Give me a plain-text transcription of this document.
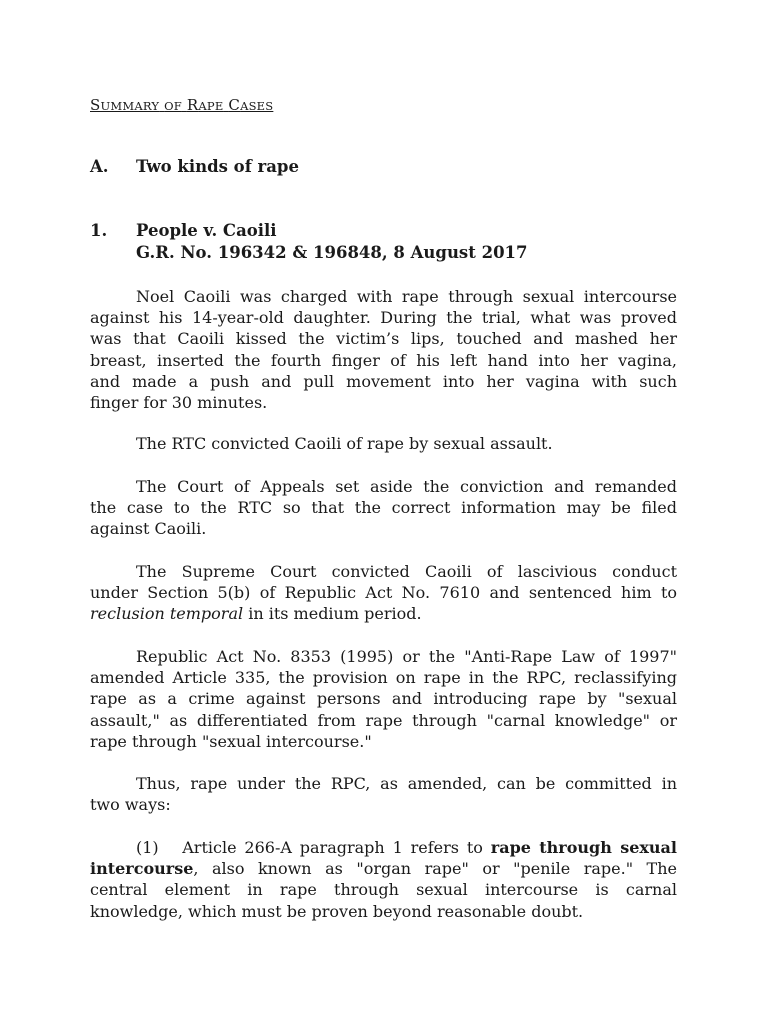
SUMMARY OF RAPE CASES
A. Two kinds of rape
1. People v. Caoili
G.R. No. 196342 & 196848, 8 August 2017
Noel Caoili was charged with rape through sexual intercourse
against his 14-year-old daughter. During the trial, what was proved
was that Caoili kissed the victim’s lips, touched and mashed her
breast, inserted the fourth finger of his left hand into her vagina,
and made a push and pull movement into her vagina with such
finger for 30 minutes.
The RTC convicted Caoili of rape by sexual assault.
The Court of Appeals set aside the conviction and remanded
the case to the RTC so that the correct information may be filed
against Caoili.
The Supreme Court convicted Caoili of lascivious conduct
under Section 5(b) of Republic Act No. 7610 and sentenced him to
reclusion temporal in its medium period.
Republic Act No. 8353 (1995) or the "Anti-Rape Law of 1997"
amended Article 335, the provision on rape in the RPC, reclassifying
rape as a crime against persons and introducing rape by "sexual
assault," as differentiated from rape through "carnal knowledge" or
rape through "sexual intercourse."
Thus, rape under the RPC, as amended, can be committed in
two ways:
(1)   Article 266-A paragraph 1 refers to rape through sexual
intercourse, also known as "organ rape" or "penile rape." The
central element in rape through sexual intercourse is carnal
knowledge, which must be proven beyond reasonable doubt.
